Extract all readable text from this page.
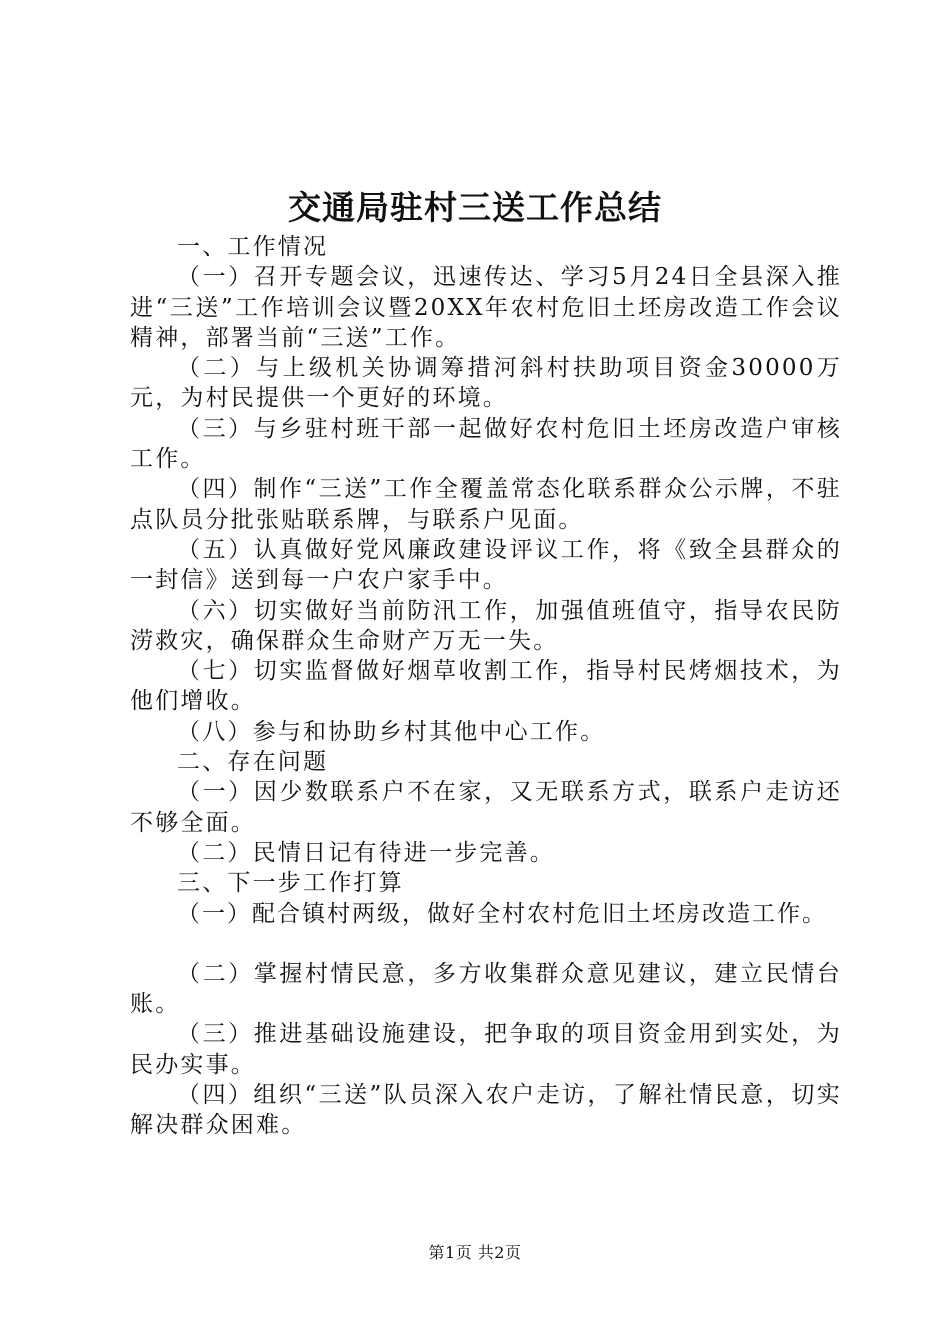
交通局驻村三送工作总结

一、工作情况

（一）召开专题会议，迅速传达、学习5月24日全县深入推进“三送”工作培训会议暨20XX年农村危旧土坯房改造工作会议精神，部署当前“三送”工作。

（二）与上级机关协调筹措河斜村扶助项目资金30000万元，为村民提供一个更好的环境。

（三）与乡驻村班干部一起做好农村危旧土坯房改造户审核工作。

（四）制作“三送”工作全覆盖常态化联系群众公示牌，不驻点队员分批张贴联系牌，与联系户见面。

（五）认真做好党风廉政建设评议工作，将《致全县群众的一封信》送到每一户农户家手中。

（六）切实做好当前防汛工作，加强值班值守，指导农民防涝救灾，确保群众生命财产万无一失。

（七）切实监督做好烟草收割工作，指导村民烤烟技术，为他们增收。

（八）参与和协助乡村其他中心工作。

二、存在问题

（一）因少数联系户不在家，又无联系方式，联系户走访还不够全面。

（二）民情日记有待进一步完善。

三、下一步工作打算

（一）配合镇村两级，做好全村农村危旧土坯房改造工作。

（二）掌握村情民意，多方收集群众意见建议，建立民情台账。

（三）推进基础设施建设，把争取的项目资金用到实处，为民办实事。

（四）组织“三送”队员深入农户走访，了解社情民意，切实解决群众困难。

第1页 共2页
